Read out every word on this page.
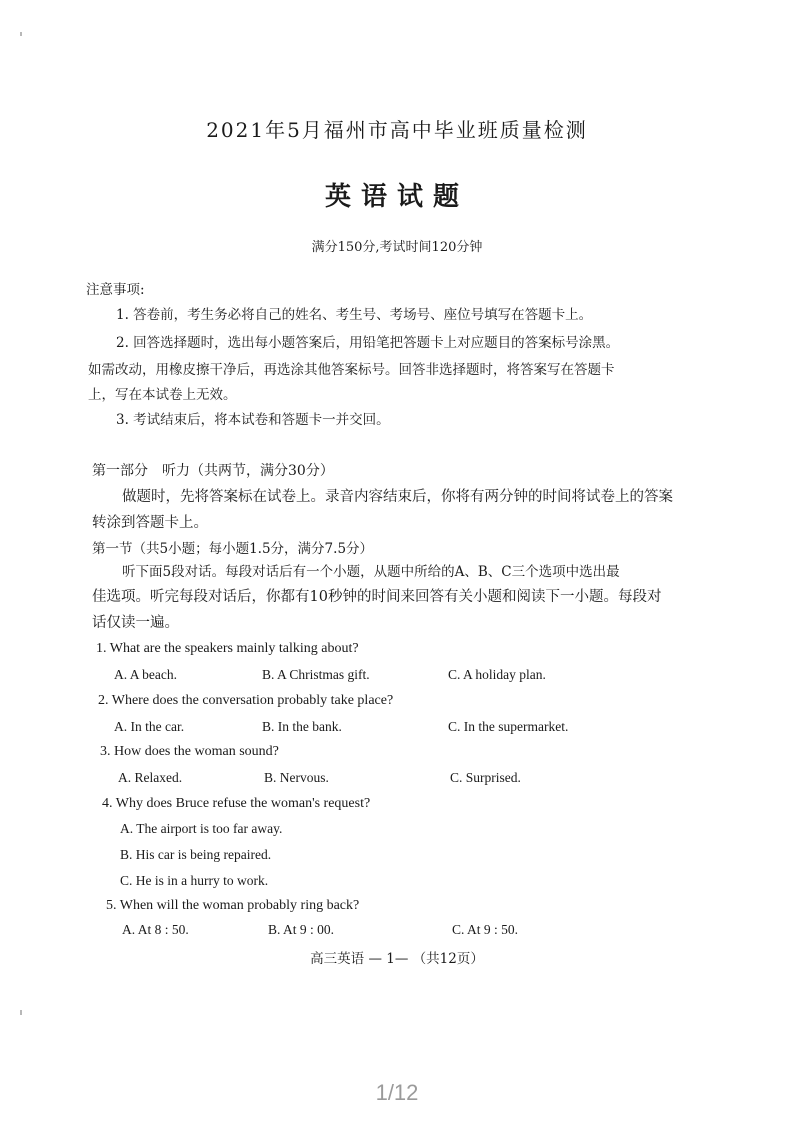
2021年5月福州市高中毕业班质量检测
英语试题
满分150分,考试时间120分钟
注意事项:
1. 答卷前，考生务必将自己的姓名、考生号、考场号、座位号填写在答题卡上。
2. 回答选择题时，选出每小题答案后，用铅笔把答题卡上对应题目的答案标号涂黑。
如需改动，用橡皮擦干净后，再选涂其他答案标号。回答非选择题时，将答案写在答题卡
上，写在本试卷上无效。
3. 考试结束后，将本试卷和答题卡一并交回。
第一部分　听力（共两节，满分30分）
做题时，先将答案标在试卷上。录音内容结束后，你将有两分钟的时间将试卷上的答案
转涂到答题卡上。
第一节（共5小题；每小题1.5分，满分7.5分）
听下面5段对话。每段对话后有一个小题，从题中所给的A、B、C三个选项中选出最
佳选项。听完每段对话后，你都有10秒钟的时间来回答有关小题和阅读下一小题。每段对
话仅读一遍。
1. What are the speakers mainly talking about?
A. A beach.	B. A Christmas gift.	C. A holiday plan.
2. Where does the conversation probably take place?
A. In the car.	B. In the bank.	C. In the supermarket.
3. How does the woman sound?
A. Relaxed.	B. Nervous.	C. Surprised.
4. Why does Bruce refuse the woman's request?
A. The airport is too far away.
B. His car is being repaired.
C. He is in a hurry to work.
5. When will the woman probably ring back?
A. At 8 : 50.	B. At 9 : 00.	C. At 9 : 50.
高三英语 — 1— （共12页）
1/12
